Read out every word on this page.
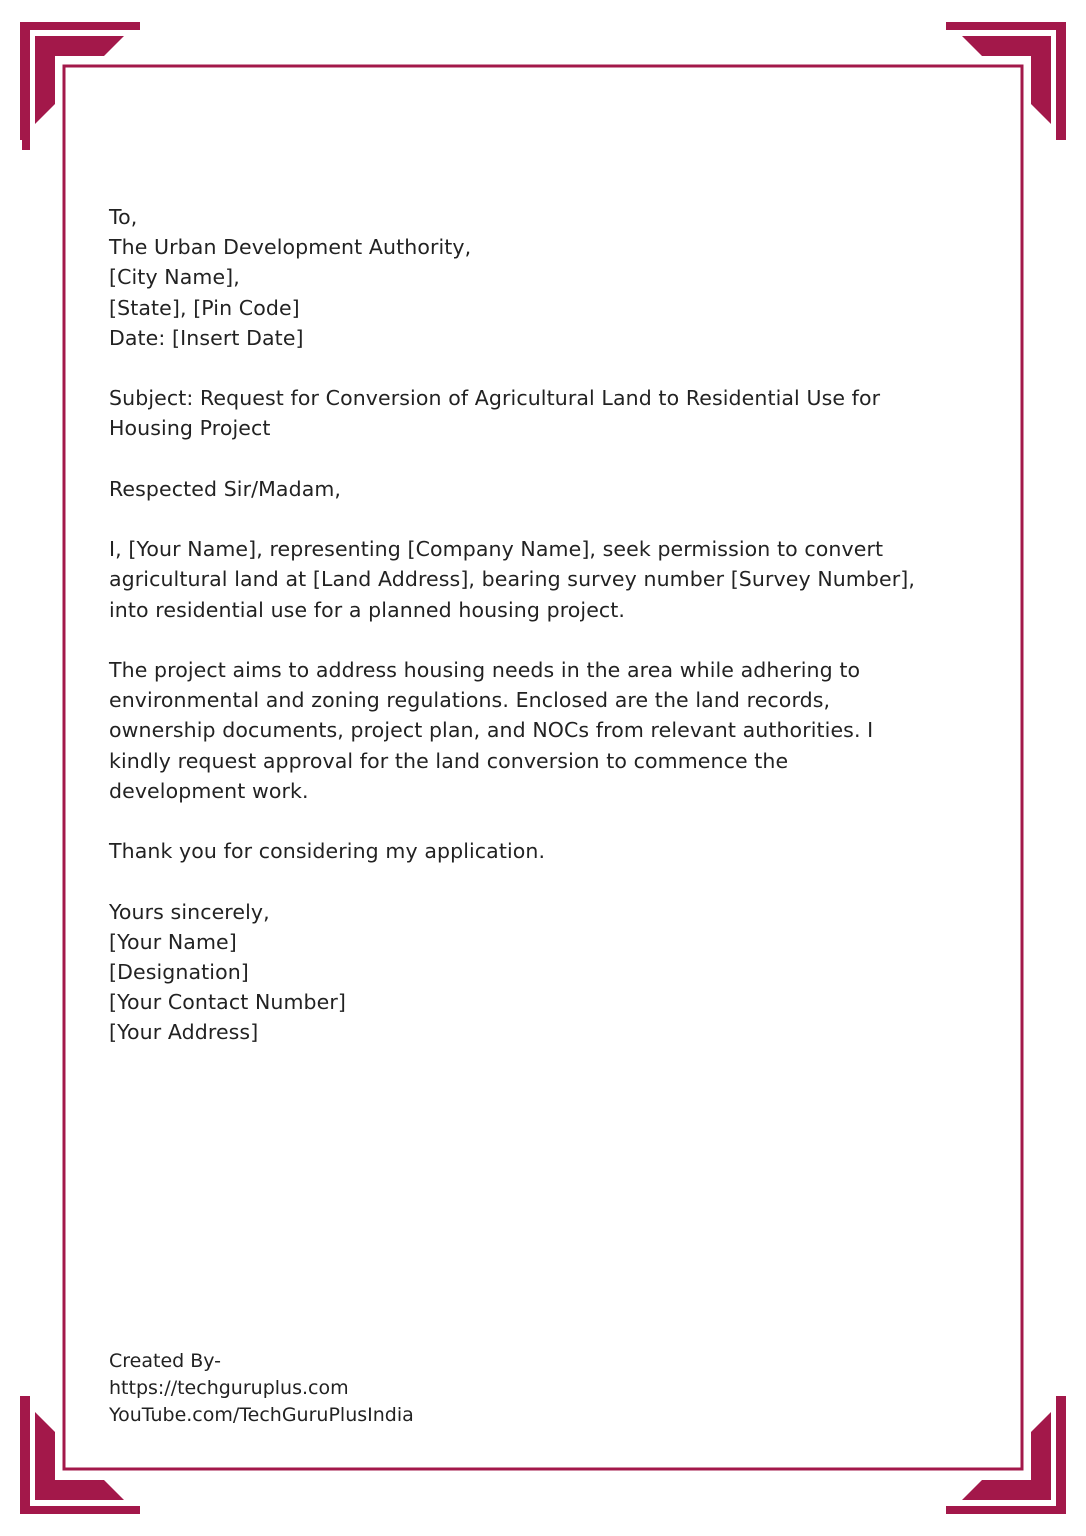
To,
The Urban Development Authority,
[City Name],
[State], [Pin Code]
Date: [Insert Date]

Subject: Request for Conversion of Agricultural Land to Residential Use for
Housing Project

Respected Sir/Madam,

I, [Your Name], representing [Company Name], seek permission to convert
agricultural land at [Land Address], bearing survey number [Survey Number],
into residential use for a planned housing project.

The project aims to address housing needs in the area while adhering to
environmental and zoning regulations. Enclosed are the land records,
ownership documents, project plan, and NOCs from relevant authorities. I
kindly request approval for the land conversion to commence the
development work.

Thank you for considering my application.

Yours sincerely,
[Your Name]
[Designation]
[Your Contact Number]
[Your Address]

Created By-
https://techguruplus.com
YouTube.com/TechGuruPlusIndia
